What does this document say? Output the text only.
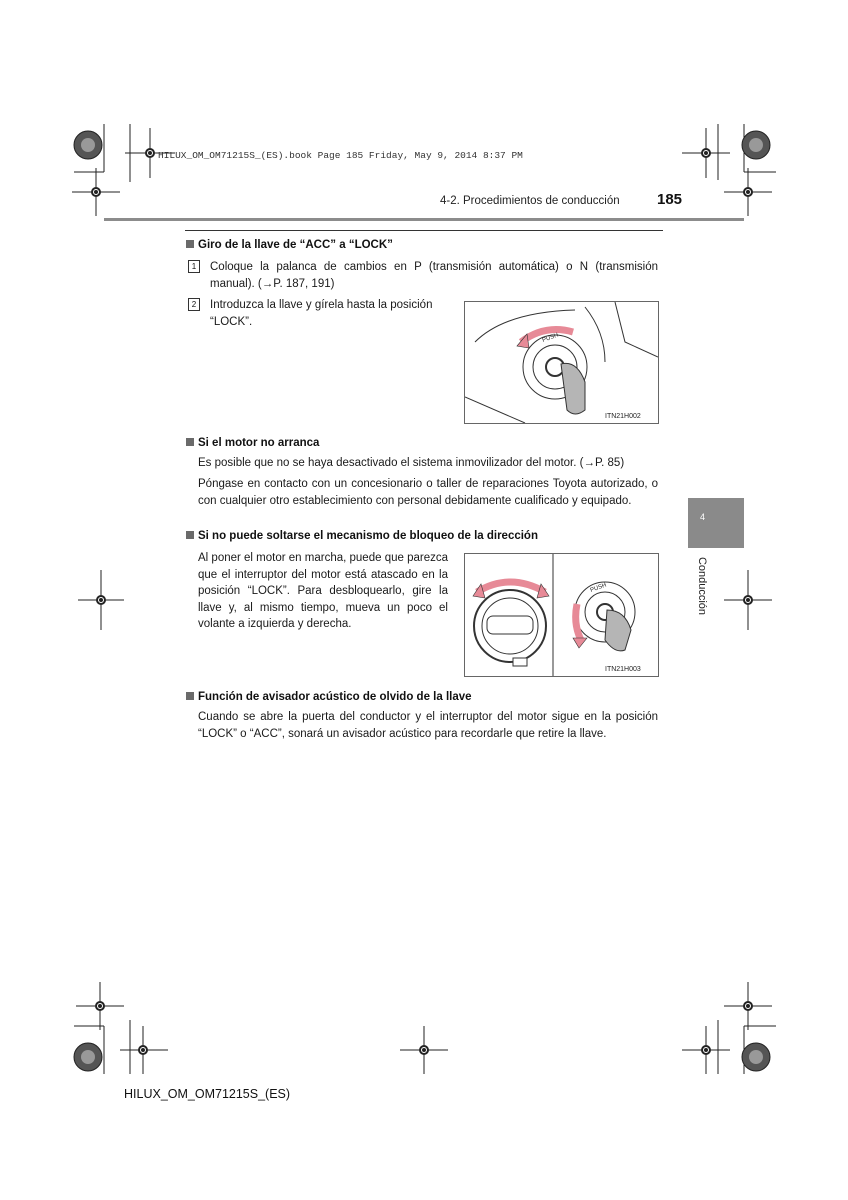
HILUX_OM_OM71215S_(ES).book Page 185 Friday, May 9, 2014 8:37 PM
4-2. Procedimientos de conducción 185
Giro de la llave de “ACC” a “LOCK”
1	Coloque la palanca de cambios en P (transmisión automática) o N (transmisión manual). (→P. 187, 191)
2	Introduzca la llave y gírela hasta la posición “LOCK”.
PUSH
ITN21H002
Si el motor no arranca
Es posible que no se haya desactivado el sistema inmovilizador del motor. (→P. 85)
Póngase en contacto con un concesionario o taller de reparaciones Toyota autorizado, o con cualquier otro establecimiento con personal debidamente cualificado y equipado.
Si no puede soltarse el mecanismo de bloqueo de la dirección
Al poner el motor en marcha, puede que parezca que el interruptor del motor está atascado en la posición “LOCK”. Para desbloquearlo, gire la llave y, al mismo tiempo, mueva un poco el volante a izquierda y derecha.
PUSH
ITN21H003
Función de avisador acústico de olvido de la llave
Cuando se abre la puerta del conductor y el interruptor del motor sigue en la posición “LOCK” o “ACC”, sonará un avisador acústico para recordarle que retire la llave.
4
Conducción
HILUX_OM_OM71215S_(ES)
